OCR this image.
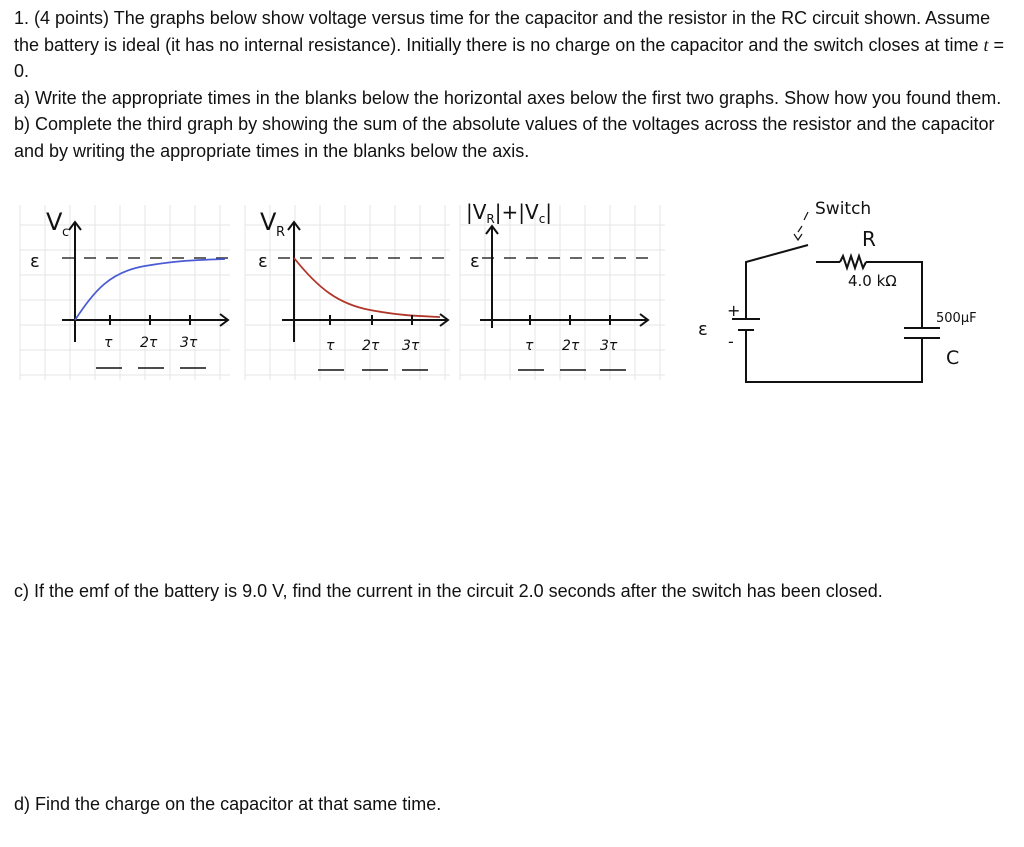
1. (4 points) The graphs below show voltage versus time for the capacitor and the resistor in the RC circuit shown. Assume the battery is ideal (it has no internal resistance). Initially there is no charge on the capacitor and the switch closes at time t = 0.

a) Write the appropriate times in the blanks below the horizontal axes below the first two graphs. Show how you found them.

b) Complete the third graph by showing the sum of the absolute values of the voltages across the resistor and the capacitor and by writing the appropriate times in the blanks below the axis.

V c
ε
τ 2τ 3τ
V R
ε
τ 2τ 3τ
$|V_R|+|V_c|$
ε
τ 2τ 3τ
Switch
R
4.0 kΩ
500μF
C
ε
+
-

c) If the emf of the battery is 9.0 V, find the current in the circuit 2.0 seconds after the switch has been closed.

d) Find the charge on the capacitor at that same time.
